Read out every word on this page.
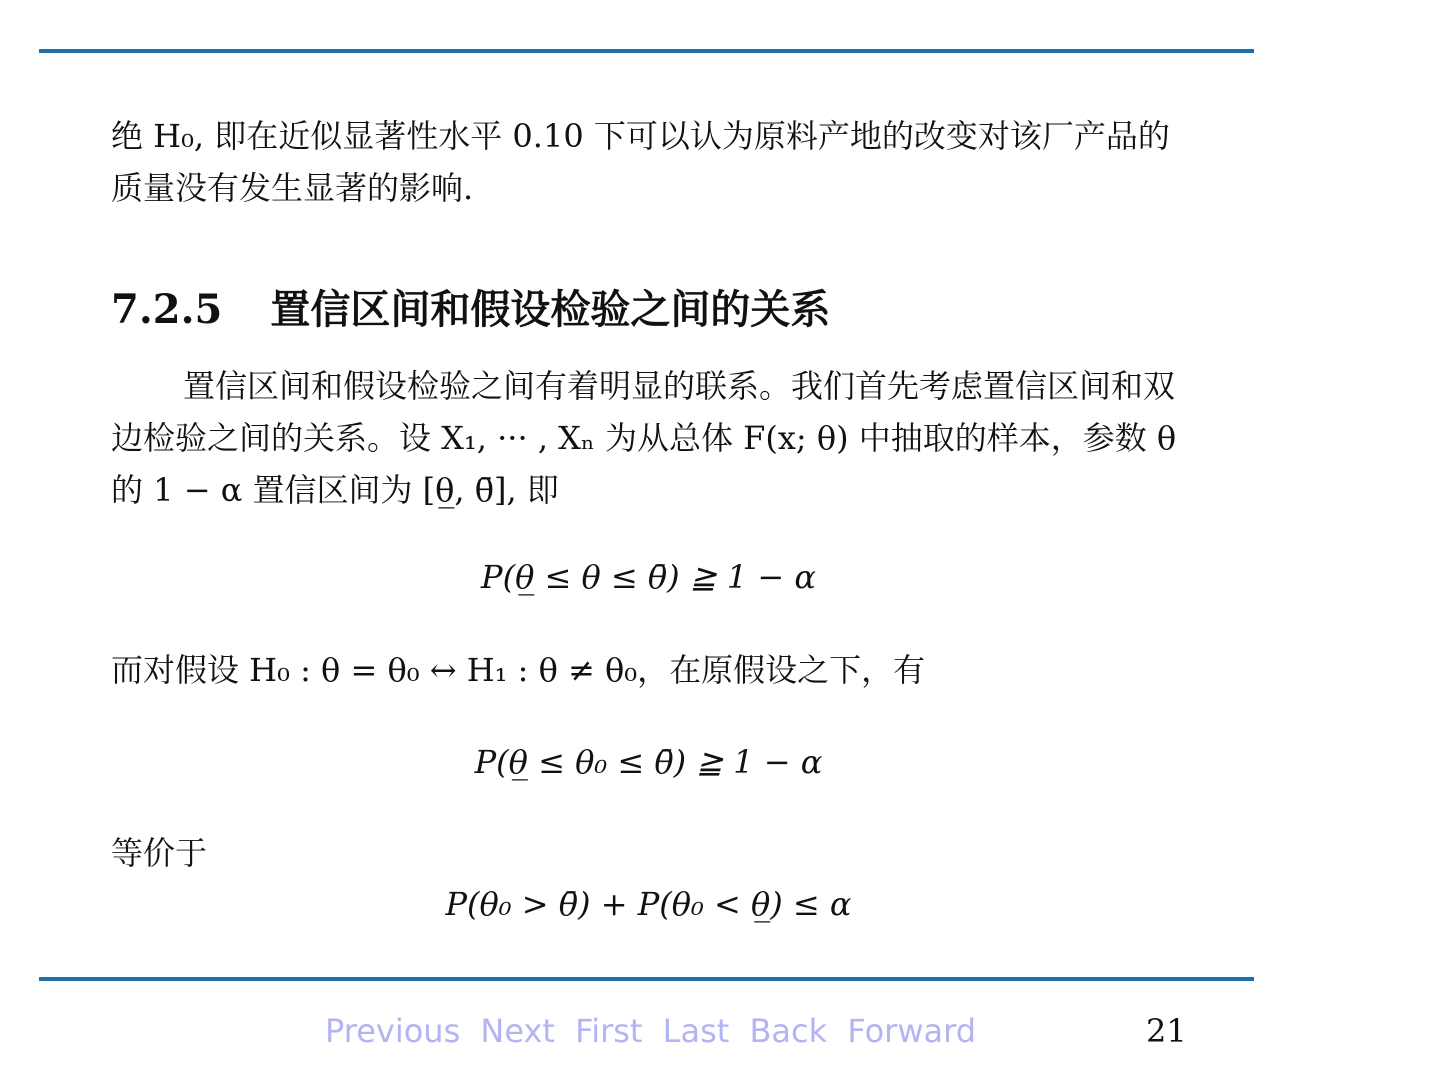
绝 H₀, 即在近似显著性水平 0.10 下可以认为原料产地的改变对该厂产品的质量没有发生显著的影响.

7.2.5 置信区间和假设检验之间的关系

置信区间和假设检验之间有着明显的联系。我们首先考虑置信区间和双边检验之间的关系。设 X₁, ··· , Xₙ 为从总体 F(x; θ) 中抽取的样本，参数 θ 的 1 − α 置信区间为 [θ̲, θ̄], 即

P(θ̲ ≤ θ ≤ θ̄) ≧ 1 − α
而对假设 H₀ : θ = θ₀ ↔ H₁ : θ ≠ θ₀，在原假设之下，有
P(θ̲ ≤ θ₀ ≤ θ̄) ≧ 1 − α
等价于
P(θ₀ > θ̄) + P(θ₀ < θ̲) ≤ α
Previous Next First Last Back Forward	21
